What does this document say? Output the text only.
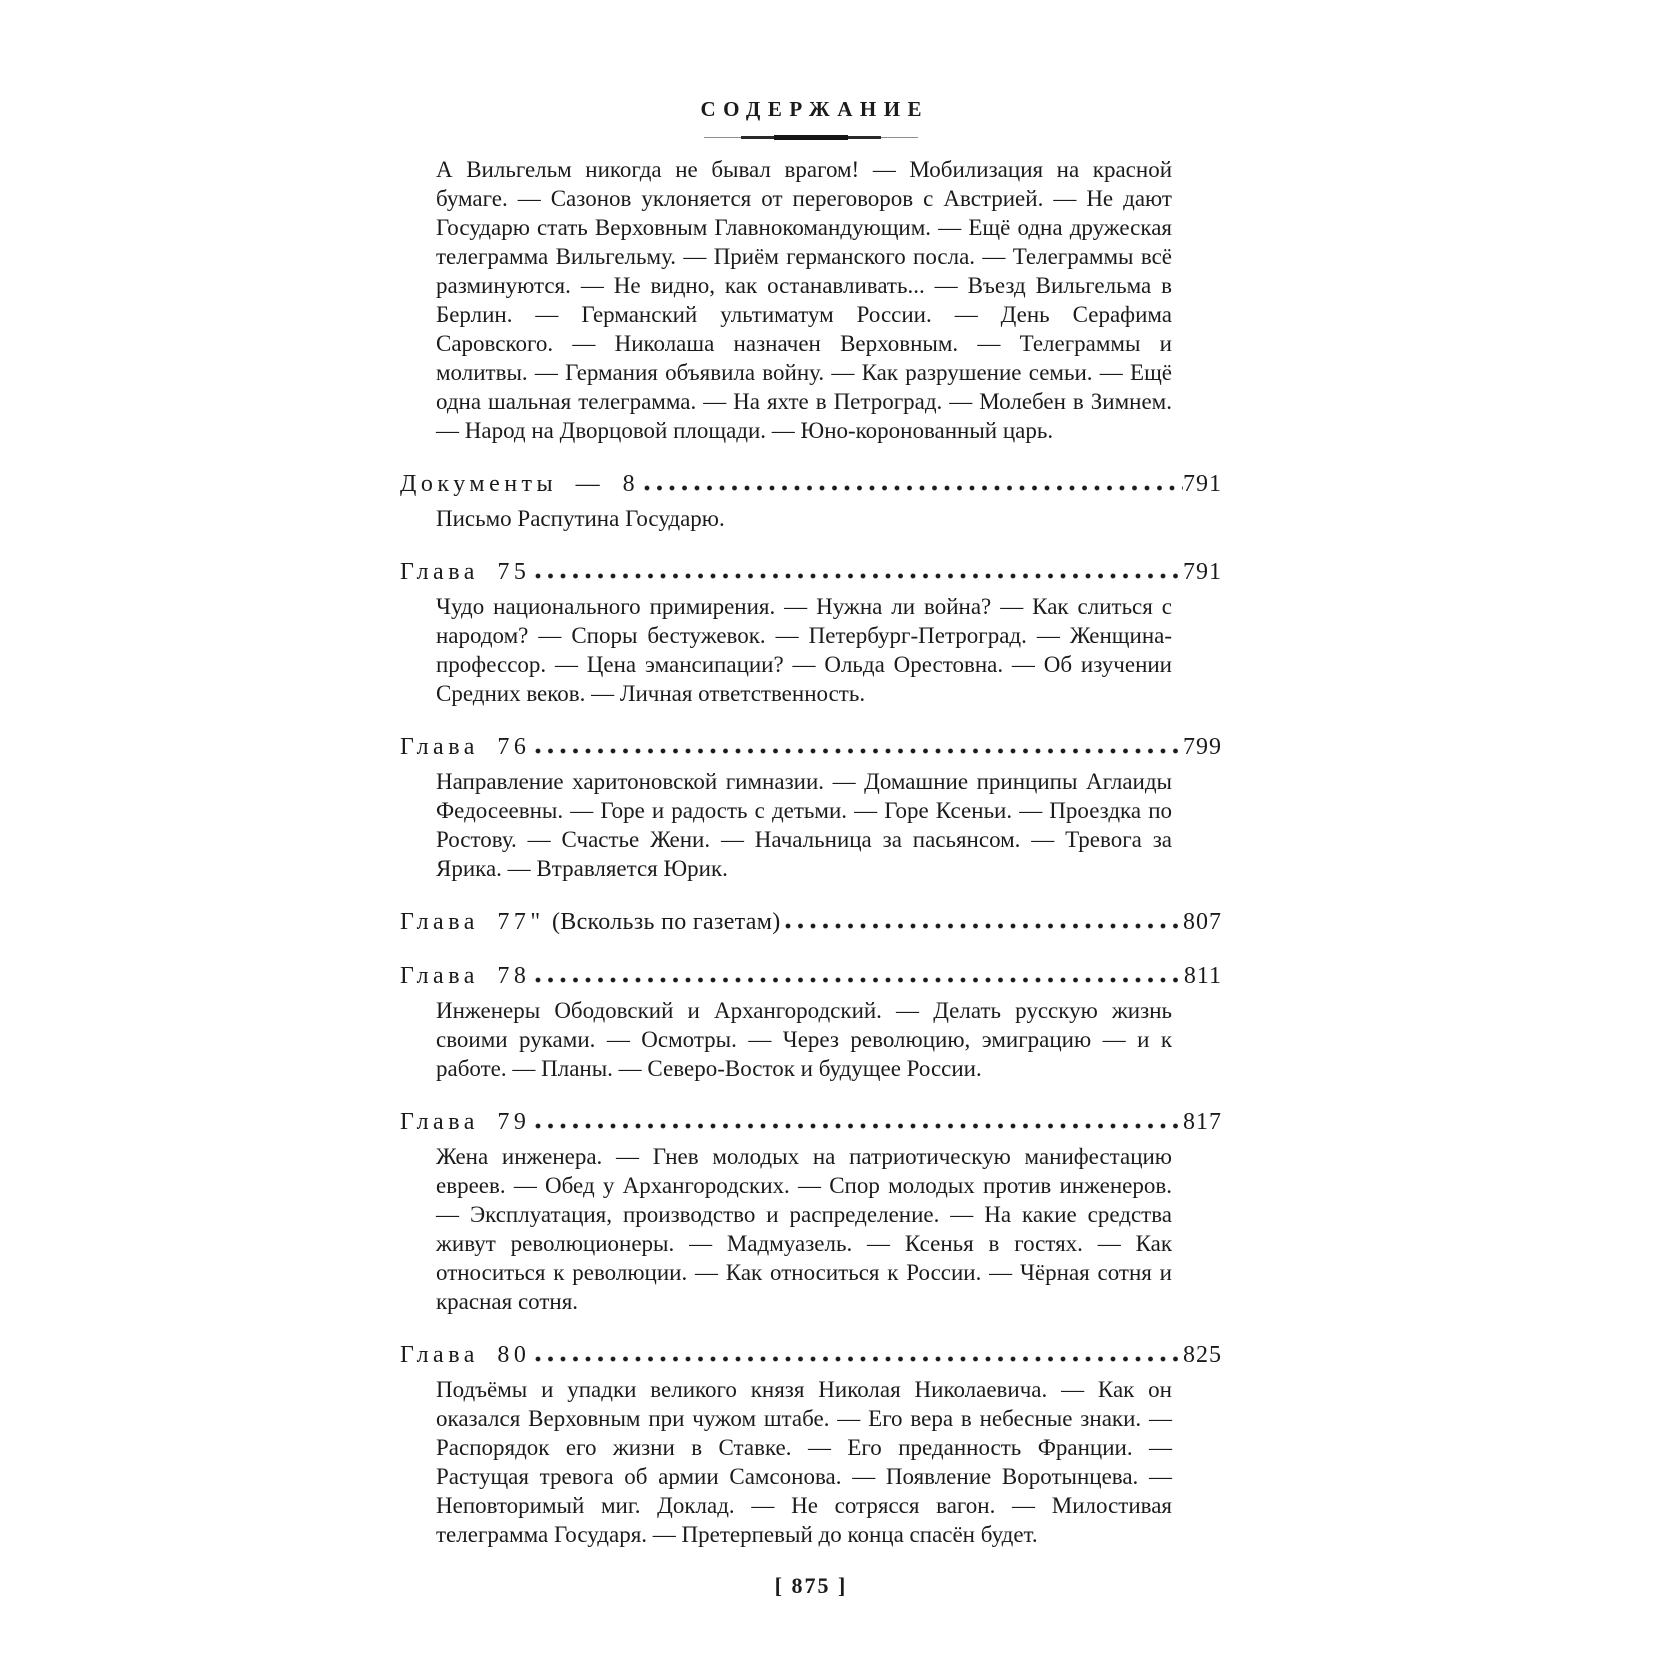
СОДЕРЖАНИЕ

А Вильгельм никогда не бывал врагом! — Мобилизация на красной бумаге. — Сазонов уклоняется от переговоров с Австрией. — Не дают Государю стать Верховным Главнокомандующим. — Ещё одна дружеская телеграмма Вильгельму. — Приём германского посла. — Телеграммы всё разминуются. — Не видно, как останавливать... — Въезд Вильгельма в Берлин. — Германский ультиматум России. — День Серафима Саровского. — Николаша назначен Верховным. — Телеграммы и молитвы. — Германия объявила войну. — Как разрушение семьи. — Ещё одна шальная телеграмма. — На яхте в Петроград. — Молебен в Зимнем. — Народ на Дворцовой площади. — Юно-коронованный царь.

Документы — 8	791

Письмо Распутина Государю.

Глава 75	791

Чудо национального примирения. — Нужна ли война? — Как слиться с народом? — Споры бестужевок. — Петербург-Петроград. — Женщина-профессор. — Цена эмансипации? — Ольда Орестовна. — Об изучении Средних веков. — Личная ответственность.

Глава 76	799

Направление харитоновской гимназии. — Домашние принципы Аглаиды Федосеевны. — Горе и радость с детьми. — Горе Ксеньи. — Проездка по Ростову. — Счастье Жени. — Начальница за пасьянсом. — Тревога за Ярика. — Втравляется Юрик.

Глава 77" (Вскользь по газетам)	807
Глава 78	811

Инженеры Ободовский и Архангородский. — Делать русскую жизнь своими руками. — Осмотры. — Через революцию, эмиграцию — и к работе. — Планы. — Северо-Восток и будущее России.

Глава 79	817

Жена инженера. — Гнев молодых на патриотическую манифестацию евреев. — Обед у Архангородских. — Спор молодых против инженеров. — Эксплуатация, производство и распределение. — На какие средства живут революционеры. — Мадмуазель. — Ксенья в гостях. — Как относиться к революции. — Как относиться к России. — Чёрная сотня и красная сотня.

Глава 80	825

Подъёмы и упадки великого князя Николая Николаевича. — Как он оказался Верховным при чужом штабе. — Его вера в небесные знаки. — Распорядок его жизни в Ставке. — Его преданность Франции. — Растущая тревога об армии Самсонова. — Появление Воротынцева. — Неповторимый миг. Доклад. — Не сотрясся вагон. — Милостивая телеграмма Государя. — Претерпевый до конца спасён будет.

[ 875 ]
